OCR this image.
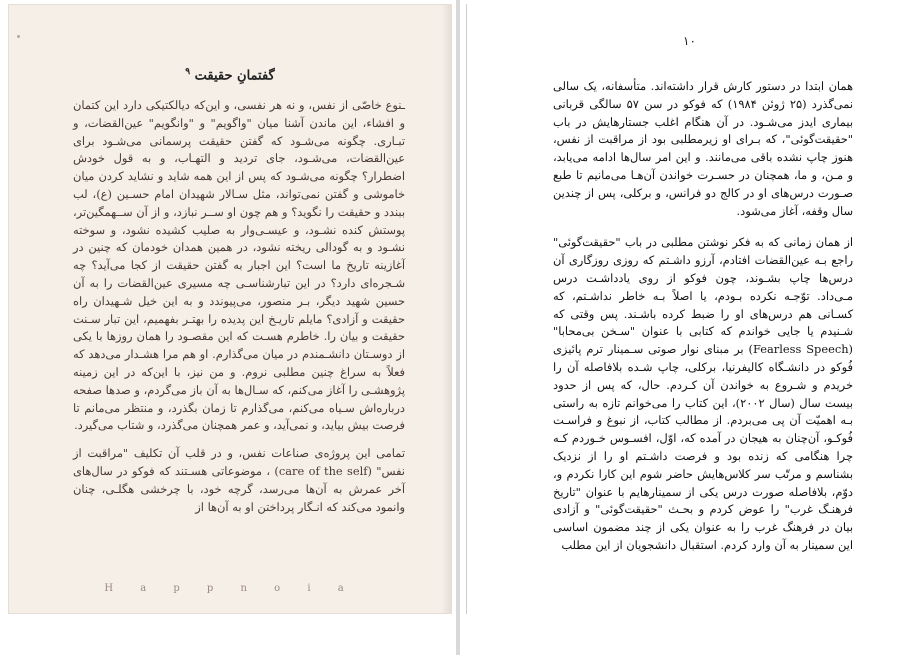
گفتمانِ حقیقت $^۹$

ـنوع خاصّی از نفس، و نه هر نفسی، و این‌که دیالکتیکی دارد این کتمان و افشاء، این ماندن آشنا میان "واگویم" و "وانگویم" عین‌القضات، و تبـاری. چگونه می‌شـود که گفتن حقیقت پرسمانی می‌شـود برای عین‌القضات، می‌شـود، جای تردید و التهـاب، و به قول خودش اضطرار؟ چگونه می‌شـود که پس از این همه شاید و نشاید کردن میان خاموشی و گفتن نمی‌تواند، مثل سـالار شهیدان امام حسـین (ع)، لب ببندد و حقیقت را نگوید؟ و هم چون او ســر نبازد، و از آن ســهمگین‌تر، پوستش کنده نشـود، و عیسـی‌وار به صلیب کشیده نشود، و سوخته نشـود و به گودالی ریخته نشود، در همین همدان خودمان که چنین در آغازینه تاریخ ما است؟ این اجبار به گفتن حقیقت از کجا می‌آید؟ چه شـجره‌ای دارد؟ در این تبارشناسـی چه مسیری عین‌القضات را به آن حسین شهید دیگر، بـر منصور، می‌پیوندد و به این خیل شـهیدان راه حقیقت و آزادی؟ مایلم تاریـخ این پدیده را بهتـر بفهمیم، این تبار سـنت حقیقت و بیان را. خاطرم هسـت که این مقصـود را همان روزها با یکی از دوسـتان دانشـمندم در میان می‌گذارم. او هم مرا هشـدار می‌دهد که فعلاً به سراغ چنین مطلبی نروم. و من نیز، با این‌که در این زمینه پژوهشـی را آغاز می‌کنم، که سـال‌ها به آن باز می‌گردم، و صدها صفحه درباره‌اش سـیاه می‌کنم، می‌گذارم تا زمان بگذرد، و منتظر می‌مانم تا فرصت بیش بیاید، و نمی‌آید، و عمر همچنان می‌گذرد، و شتاب می‌گیرد.

تمامی این پروژه‌ی صناعات نفس، و در قلب آن تکلیف "مراقبت از نفس" (care of the self) ، موضوعاتی هسـتند که فوکو در سال‌های آخر عمرش به آن‌ها می‌رسد، گرچه خود، با چرخشی هگلـی، چنان وانمود می‌کند که انـگار پرداختن او به آن‌ها از

H a p p n o i a
۱۰

همان ابتدا در دستور کارش قرار داشته‌اند. متأسفانه، یک سالی نمی‌گذرد (۲۵ ژوئن ۱۹۸۴) که فوکو در سن ۵۷ سالگی قربانی بیماری ایدز می‌شـود. در آن هنگام اغلب جستارهایش در باب "حقیقت‌گوئی"، که بـرای او زیرمطلبی بود از مراقبت از نفس، هنوز چاپ نشده باقی می‌مانند. و این امر سال‌ها ادامه می‌یابد، و مـن، و ما، همچنان در حسـرت خواندن آن‌هـا می‌مانیم تا طبع صـورت درس‌های او در کالج دو فرانس، و برکلی، پس از چندین سال وقفه، آغاز می‌شود.

از همان زمانی که به فکر نوشتن مطلبی در باب "حقیقت‌گوئی" راجع بـه عین‌القضات افتادم، آرزو داشـتم که روزی روزگاری آن درس‌ها چاپ بشـوند، چون فوکو از روی یادداشـت درس مـی‌داد. توّجـه نکرده بـودم، یا اصلاً بـه خاطر نداشـتم، که کسـانی هم درس‌های او را ضبط کرده باشـند. پس وقتی که شـنیدم یا جایی خواندم که کتابی با عنوان "سـخن بی‌محابا" (Fearless Speech) بر مبنای نوار صوتی سـمینار ترم پائیزی فُوکو در دانشـگاه کالیفرنیا، برکلی، چاپ شـده بلافاصله آن را خریدم و شـروع به خواندن آن کـردم. حال، که پس از حدود بیست سال (سال ۲۰۰۲)، این کتاب را می‌خوانم تازه به راستی بـه اهمیّت آن پی می‌بردم. از مطالب کتاب، از نبوغ و فراسـت فُوکـو، آن‌چنان به هیجان در آمده که، اوّل، افسـوس خـوردم کـه چرا هنگامی که زنده بود و فرصت داشـتم او را از نزدیک بشناسم و مرتّب سر کلاس‌هایش حاضر شوم این کارا نکردم و، دوّم، بلافاصله صورت درس یکی از سمینارهایم با عنوان "تاریخ فرهنـگ غرب" را عوض کردم و بحـث "حقیقت‌گوئی" و آزادی بیان در فرهنگ غرب را به عنوان یکی از چند مضمون اساسی این سمینار به آن وارد کردم. استقبال دانشجویان از این مطلب
